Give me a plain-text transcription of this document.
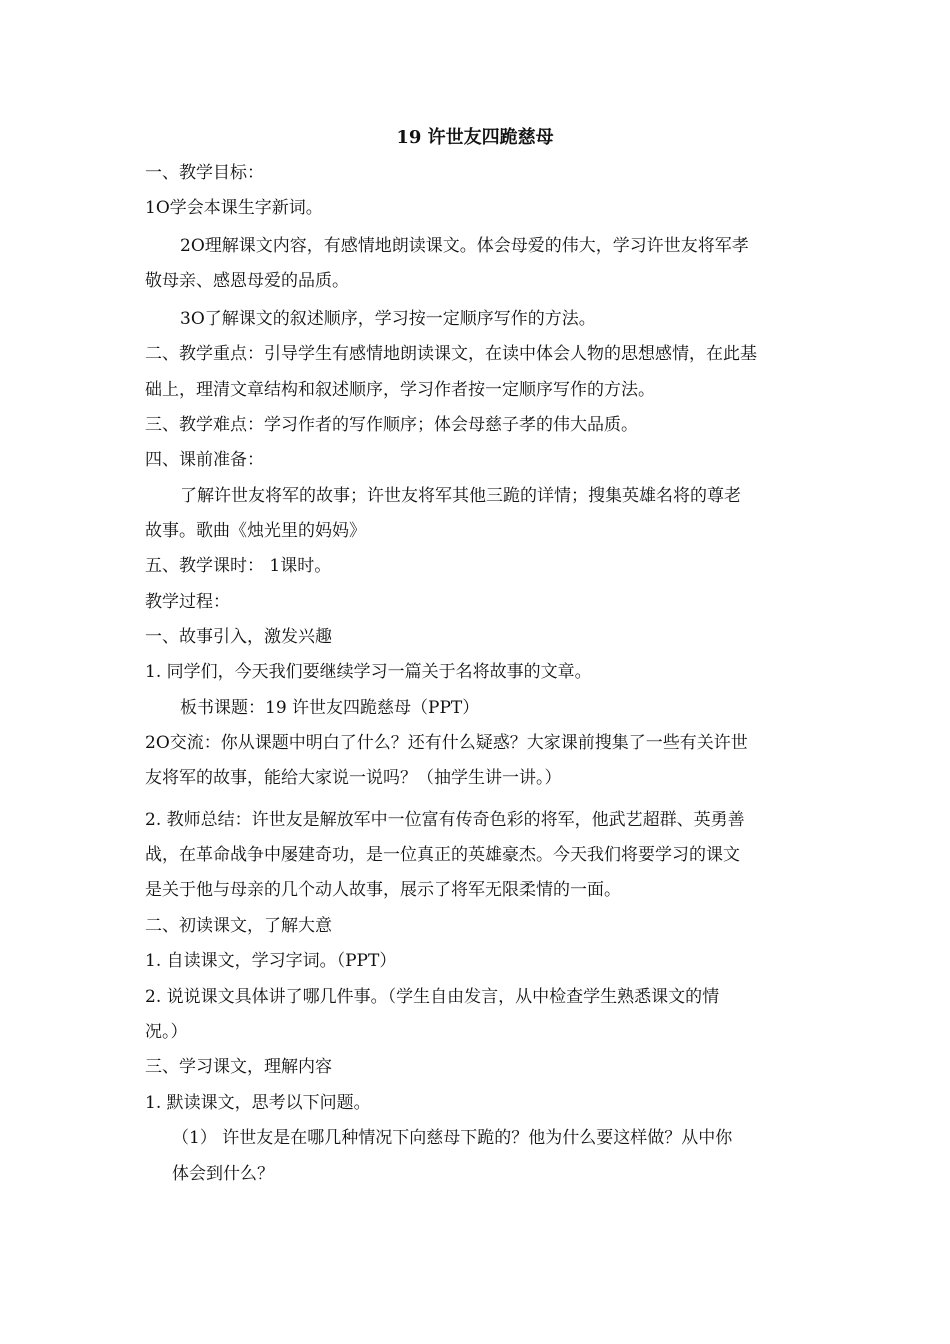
19 许世友四跪慈母
一、教学目标：
1O学会本课生字新词。
2O理解课文内容，有感情地朗读课文。体会母爱的伟大，学习许世友将军孝
敬母亲、感恩母爱的品质。
3O了解课文的叙述顺序，学习按一定顺序写作的方法。
二、教学重点：引导学生有感情地朗读课文，在读中体会人物的思想感情，在此基
础上，理清文章结构和叙述顺序，学习作者按一定顺序写作的方法。
三、教学难点：学习作者的写作顺序；体会母慈子孝的伟大品质。
四、课前准备：
了解许世友将军的故事；许世友将军其他三跪的详情；搜集英雄名将的尊老
故事。歌曲《烛光里的妈妈》
五、教学课时： 1课时。
教学过程：
一、故事引入，激发兴趣
1. 同学们，今天我们要继续学习一篇关于名将故事的文章。
板书课题：19 许世友四跪慈母（PPT）
2O交流：你从课题中明白了什么？还有什么疑惑？大家课前搜集了一些有关许世
友将军的故事，能给大家说一说吗？（抽学生讲一讲。）
2. 教师总结：许世友是解放军中一位富有传奇色彩的将军，他武艺超群、英勇善
战，在革命战争中屡建奇功，是一位真正的英雄豪杰。今天我们将要学习的课文
是关于他与母亲的几个动人故事，展示了将军无限柔情的一面。
二、初读课文，了解大意
1. 自读课文，学习字词。（PPT）
2. 说说课文具体讲了哪几件事。（学生自由发言，从中检查学生熟悉课文的情
况。）
三、学习课文，理解内容
1. 默读课文，思考以下问题。
（1） 许世友是在哪几种情况下向慈母下跪的？他为什么要这样做？从中你
体会到什么？
